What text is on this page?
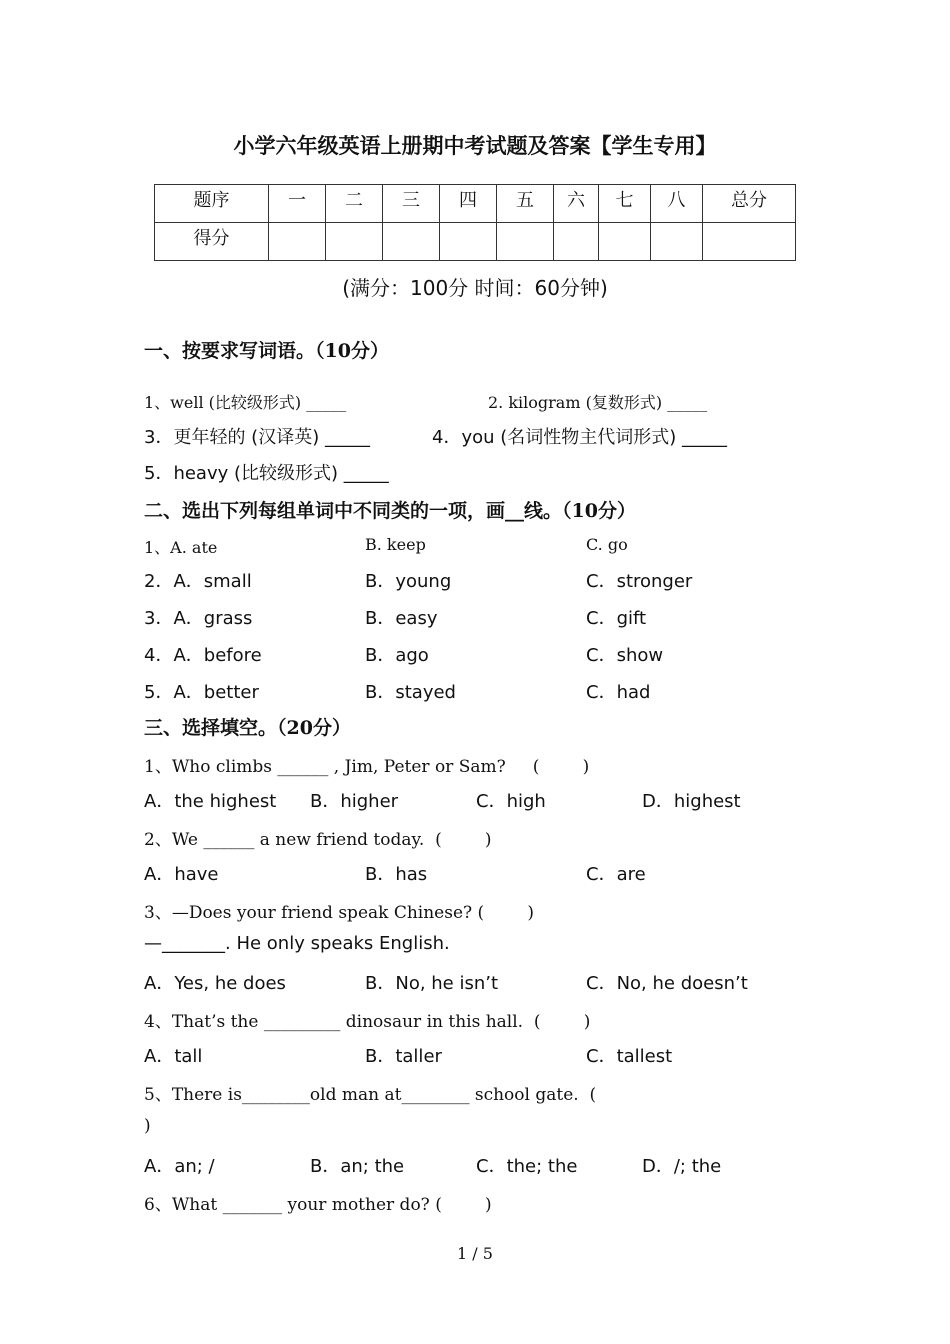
小学六年级英语上册期中考试题及答案【学生专用】
题序	一	二	三	四	五	六	七	八	总分
得分									
(满分：100分 时间：60分钟)
一、按要求写词语。（10分）
1、well (比较级形式) _____	2. kilogram (复数形式) _____
3．更年轻的 (汉译英) _____	4．you (名词性物主代词形式) _____
5．heavy (比较级形式) _____
二、选出下列每组单词中不同类的一项，画__线。（10分）
1、A. ate	B. keep	C. go
2．A．small	B．young	C．stronger
3．A．grass	B．easy	C．gift
4．A．before	B．ago	C．show
5．A．better	B．stayed	C．had
三、选择填空。（20分）
1、Who climbs ______ , Jim, Peter or Sam?     (        )
A．the highest B．higher	C．high	D．highest
2、We ______ a new friend today.  (        )
A．have	B．has	C．are
3、—Does your friend speak Chinese? (        )
—_______. He only speaks English.
A．Yes, he does	B．No, he isn’t	C．No, he doesn’t
4、That’s the _________ dinosaur in this hall.  (        )
A．tall	B．taller	C．tallest
5、There is________old man at________ school gate.  (
)
A．an; /	B．an; the	C．the; the	D．/; the
6、What _______ your mother do? (        )
1 / 5
